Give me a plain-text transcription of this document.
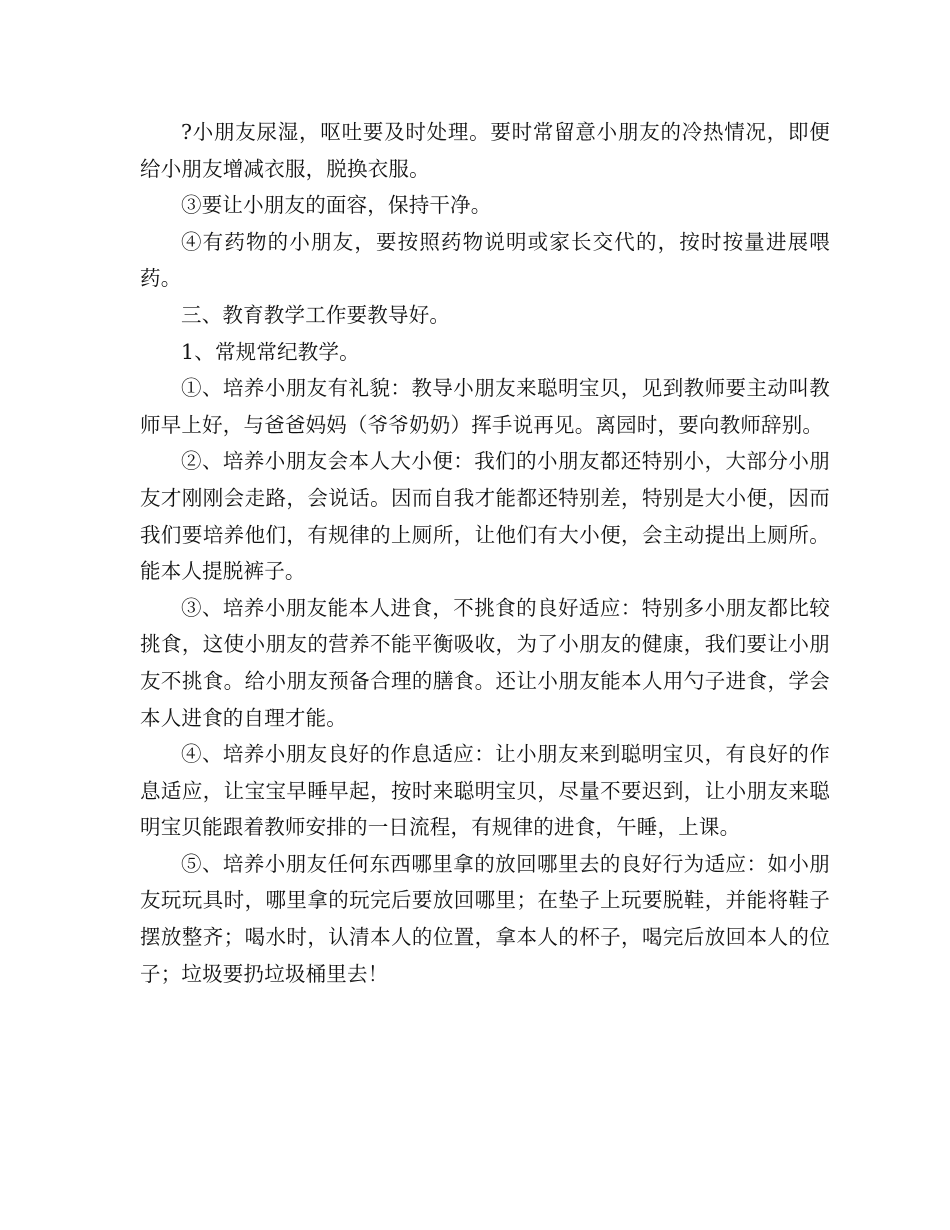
?小朋友尿湿，呕吐要及时处理。要时常留意小朋友的冷热情况，即便给小朋友增减衣服，脱换衣服。

③要让小朋友的面容，保持干净。

④有药物的小朋友，要按照药物说明或家长交代的，按时按量进展喂药。

三、教育教学工作要教导好。

1、常规常纪教学。

①、培养小朋友有礼貌：教导小朋友来聪明宝贝，见到教师要主动叫教师早上好，与爸爸妈妈（爷爷奶奶）挥手说再见。离园时，要向教师辞别。

②、培养小朋友会本人大小便：我们的小朋友都还特别小，大部分小朋友才刚刚会走路，会说话。因而自我才能都还特别差，特别是大小便，因而我们要培养他们，有规律的上厕所，让他们有大小便，会主动提出上厕所。能本人提脱裤子。

③、培养小朋友能本人进食，不挑食的良好适应：特别多小朋友都比较挑食，这使小朋友的营养不能平衡吸收，为了小朋友的健康，我们要让小朋友不挑食。给小朋友预备合理的膳食。还让小朋友能本人用勺子进食，学会本人进食的自理才能。

④、培养小朋友良好的作息适应：让小朋友来到聪明宝贝，有良好的作息适应，让宝宝早睡早起，按时来聪明宝贝，尽量不要迟到，让小朋友来聪明宝贝能跟着教师安排的一日流程，有规律的进食，午睡，上课。

⑤、培养小朋友任何东西哪里拿的放回哪里去的良好行为适应：如小朋友玩玩具时，哪里拿的玩完后要放回哪里；在垫子上玩要脱鞋，并能将鞋子摆放整齐；喝水时，认清本人的位置，拿本人的杯子，喝完后放回本人的位子；垃圾要扔垃圾桶里去！
